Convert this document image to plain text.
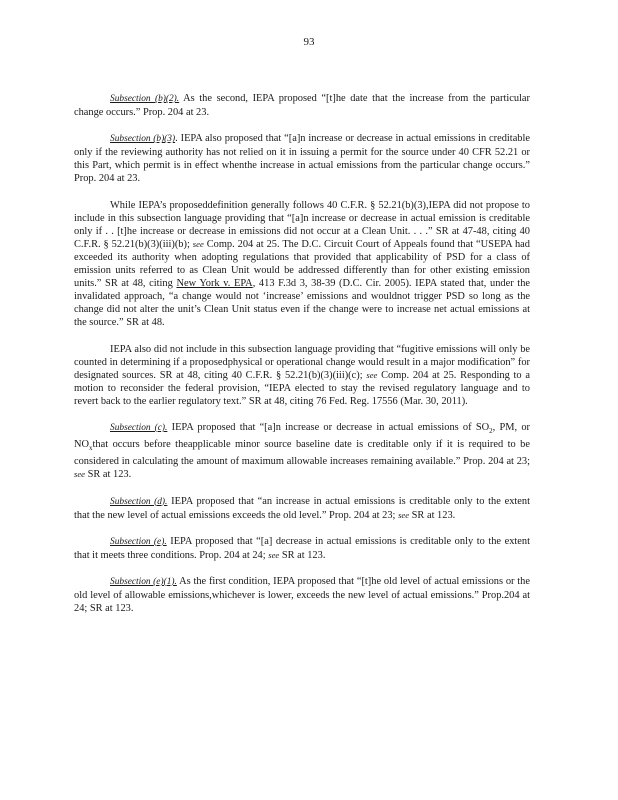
93

Subsection (b)(2). As the second, IEPA proposed “[t]he date that the increase from the particular change occurs.” Prop. 204 at 23.

Subsection (b)(3). IEPA also proposed that “[a]n increase or decrease in actual emissions in creditable only if the reviewing authority has not relied on it in issuing a permit for the source under 40 CFR 52.21 or this Part, which permit is in effect whenthe increase in actual emissions from the particular change occurs.” Prop. 204 at 23.

While IEPA’s proposeddefinition generally follows 40 C.F.R. § 52.21(b)(3),IEPA did not propose to include in this subsection language providing that “[a]n increase or decrease in actual emission is creditable only if . . [t]he increase or decrease in emissions did not occur at a Clean Unit. . . .” SR at 47-48, citing 40 C.F.R. § 52.21(b)(3)(iii)(b); see Comp. 204 at 25. The D.C. Circuit Court of Appeals found that “USEPA had exceeded its authority when adopting regulations that provided that applicability of PSD for a class of emission units referred to as Clean Unit would be addressed differently than for other existing emission units.” SR at 48, citing New York v. EPA, 413 F.3d 3, 38-39 (D.C. Cir. 2005). IEPA stated that, under the invalidated approach, “a change would not ‘increase’ emissions and wouldnot trigger PSD so long as the change did not alter the unit’s Clean Unit status even if the change were to increase net actual emissions at the source.” SR at 48.

IEPA also did not include in this subsection language providing that “fugitive emissions will only be counted in determining if a proposedphysical or operational change would result in a major modification” for designated sources. SR at 48, citing 40 C.F.R. § 52.21(b)(3)(iii)(c); see Comp. 204 at 25. Responding to a motion to reconsider the federal provision, “IEPA elected to stay the revised regulatory language and to revert back to the earlier regulatory text.” SR at 48, citing 76 Fed. Reg. 17556 (Mar. 30, 2011).

Subsection (c). IEPA proposed that “[a]n increase or decrease in actual emissions of $SO_2$, PM, or $NO_xthat$ occurs before theapplicable minor source baseline date is creditable only if it is required to be considered in calculating the amount of maximum allowable increases remaining available.” Prop. 204 at 23; see SR at 123.

Subsection (d). IEPA proposed that “an increase in actual emissions is creditable only to the extent that the new level of actual emissions exceeds the old level.” Prop. 204 at 23; see SR at 123.

Subsection (e). IEPA proposed that “[a] decrease in actual emissions is creditable only to the extent that it meets three conditions. Prop. 204 at 24; see SR at 123.

Subsection (e)(1). As the first condition, IEPA proposed that “[t]he old level of actual emissions or the old level of allowable emissions,whichever is lower, exceeds the new level of actual emissions.” Prop.204 at 24; SR at 123.
